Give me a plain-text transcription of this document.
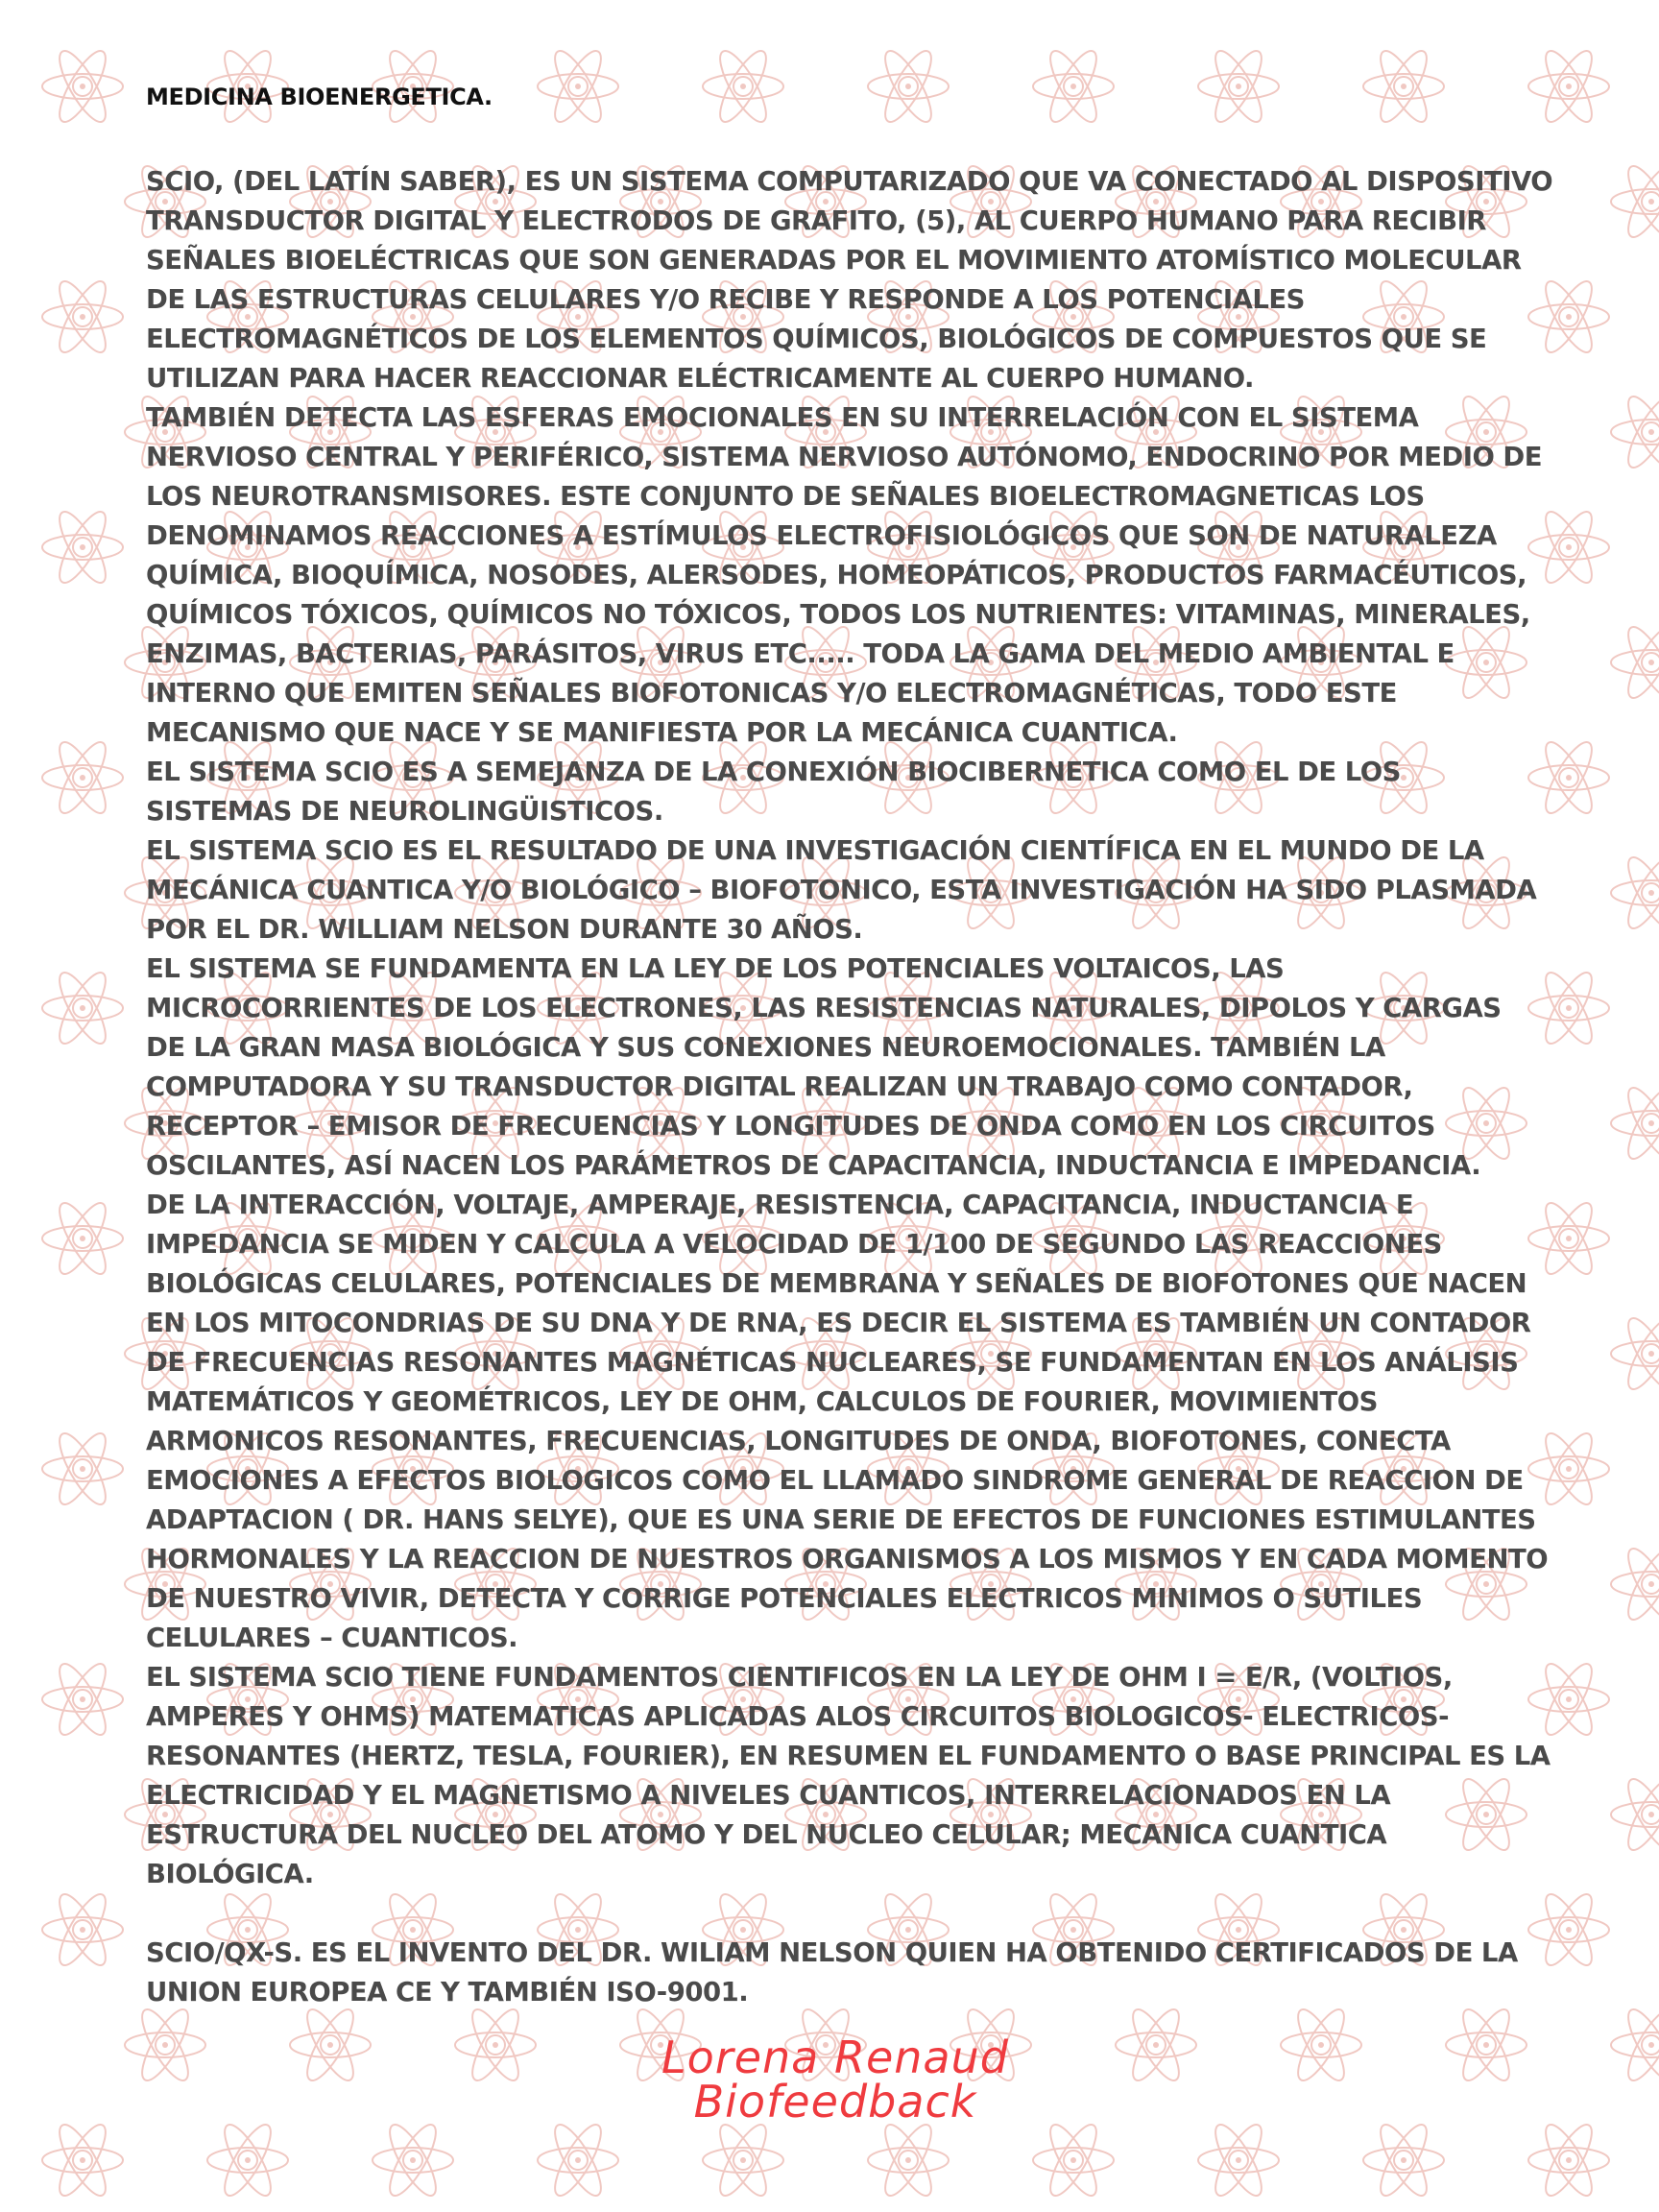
MEDICINA BIOENERGETICA.
SCIO, (DEL LATÍN SABER), ES UN SISTEMA COMPUTARIZADO QUE VA CONECTADO AL DISPOSITIVO
TRANSDUCTOR DIGITAL Y ELECTRODOS DE GRAFITO, (5), AL CUERPO HUMANO PARA RECIBIR
SEÑALES BIOELÉCTRICAS QUE SON GENERADAS POR EL MOVIMIENTO ATOMÍSTICO MOLECULAR
DE LAS ESTRUCTURAS CELULARES Y/O RECIBE Y RESPONDE A LOS POTENCIALES
ELECTROMAGNÉTICOS DE LOS ELEMENTOS QUÍMICOS, BIOLÓGICOS DE COMPUESTOS QUE SE
UTILIZAN PARA HACER REACCIONAR ELÉCTRICAMENTE AL CUERPO HUMANO.
TAMBIÉN DETECTA LAS ESFERAS EMOCIONALES EN SU INTERRELACIÓN CON EL SISTEMA
NERVIOSO CENTRAL Y PERIFÉRICO, SISTEMA NERVIOSO AUTÓNOMO, ENDOCRINO POR MEDIO DE
LOS NEUROTRANSMISORES. ESTE CONJUNTO DE SEÑALES BIOELECTROMAGNETICAS LOS
DENOMINAMOS REACCIONES A ESTÍMULOS ELECTROFISIOLÓGICOS QUE SON DE NATURALEZA
QUÍMICA, BIOQUÍMICA, NOSODES, ALERSODES, HOMEOPÁTICOS, PRODUCTOS FARMACÉUTICOS,
QUÍMICOS TÓXICOS, QUÍMICOS NO TÓXICOS, TODOS LOS NUTRIENTES: VITAMINAS, MINERALES,
ENZIMAS, BACTERIAS, PARÁSITOS, VIRUS ETC..... TODA LA GAMA DEL MEDIO AMBIENTAL E
INTERNO QUE EMITEN SEÑALES BIOFOTONICAS Y/O ELECTROMAGNÉTICAS, TODO ESTE
MECANISMO QUE NACE Y SE MANIFIESTA POR LA MECÁNICA CUANTICA.
EL SISTEMA SCIO ES A SEMEJANZA DE LA CONEXIÓN BIOCIBERNETICA COMO EL DE LOS
SISTEMAS DE NEUROLINGÜISTICOS.
EL SISTEMA SCIO ES EL RESULTADO DE UNA INVESTIGACIÓN CIENTÍFICA EN EL MUNDO DE LA
MECÁNICA CUANTICA Y/O BIOLÓGICO – BIOFOTONICO, ESTA INVESTIGACIÓN HA SIDO PLASMADA
POR EL DR. WILLIAM NELSON DURANTE 30 AÑOS.
EL SISTEMA SE FUNDAMENTA EN LA LEY DE LOS POTENCIALES VOLTAICOS, LAS
MICROCORRIENTES DE LOS ELECTRONES, LAS RESISTENCIAS NATURALES, DIPOLOS Y CARGAS
DE LA GRAN MASA BIOLÓGICA Y SUS CONEXIONES NEUROEMOCIONALES. TAMBIÉN LA
COMPUTADORA Y SU TRANSDUCTOR DIGITAL REALIZAN UN TRABAJO COMO CONTADOR,
RECEPTOR – EMISOR DE FRECUENCIAS Y LONGITUDES DE ONDA COMO EN LOS CIRCUITOS
OSCILANTES, ASÍ NACEN LOS PARÁMETROS DE CAPACITANCIA, INDUCTANCIA E IMPEDANCIA.
DE LA INTERACCIÓN, VOLTAJE, AMPERAJE, RESISTENCIA, CAPACITANCIA, INDUCTANCIA E
IMPEDANCIA SE MIDEN Y CALCULA A VELOCIDAD DE 1/100 DE SEGUNDO LAS REACCIONES
BIOLÓGICAS CELULARES, POTENCIALES DE MEMBRANA Y SEÑALES DE BIOFOTONES QUE NACEN
EN LOS MITOCONDRIAS DE SU DNA Y DE RNA, ES DECIR EL SISTEMA ES TAMBIÉN UN CONTADOR
DE FRECUENCIAS RESONANTES MAGNÉTICAS NUCLEARES, SE FUNDAMENTAN EN LOS ANÁLISIS
MATEMÁTICOS Y GEOMÉTRICOS, LEY DE OHM, CALCULOS DE FOURIER, MOVIMIENTOS
ARMONICOS RESONANTES, FRECUENCIAS, LONGITUDES DE ONDA, BIOFOTONES, CONECTA
EMOCIONES A EFECTOS BIOLOGICOS COMO EL LLAMADO SINDROME GENERAL DE REACCION DE
ADAPTACION ( DR. HANS SELYE), QUE ES UNA SERIE DE EFECTOS DE FUNCIONES ESTIMULANTES
HORMONALES Y LA REACCION DE NUESTROS ORGANISMOS A LOS MISMOS Y EN CADA MOMENTO
DE NUESTRO VIVIR, DETECTA Y CORRIGE POTENCIALES ELECTRICOS MINIMOS O SUTILES
CELULARES – CUANTICOS.
EL SISTEMA SCIO TIENE FUNDAMENTOS CIENTIFICOS EN LA LEY DE OHM I = E/R, (VOLTIOS,
AMPERES Y OHMS) MATEMATICAS APLICADAS ALOS CIRCUITOS BIOLOGICOS- ELECTRICOS-
RESONANTES (HERTZ, TESLA, FOURIER), EN RESUMEN EL FUNDAMENTO O BASE PRINCIPAL ES LA
ELECTRICIDAD Y EL MAGNETISMO A NIVELES CUANTICOS, INTERRELACIONADOS EN LA
ESTRUCTURA DEL NUCLEO DEL ATOMO Y DEL NUCLEO CELULAR; MECANICA CUANTICA
BIOLÓGICA.
SCIO/QX-S. ES EL INVENTO DEL DR. WILIAM NELSON QUIEN HA OBTENIDO CERTIFICADOS DE LA
UNION EUROPEA CE Y TAMBIÉN ISO-9001.
Lorena Renaud
Biofeedback
